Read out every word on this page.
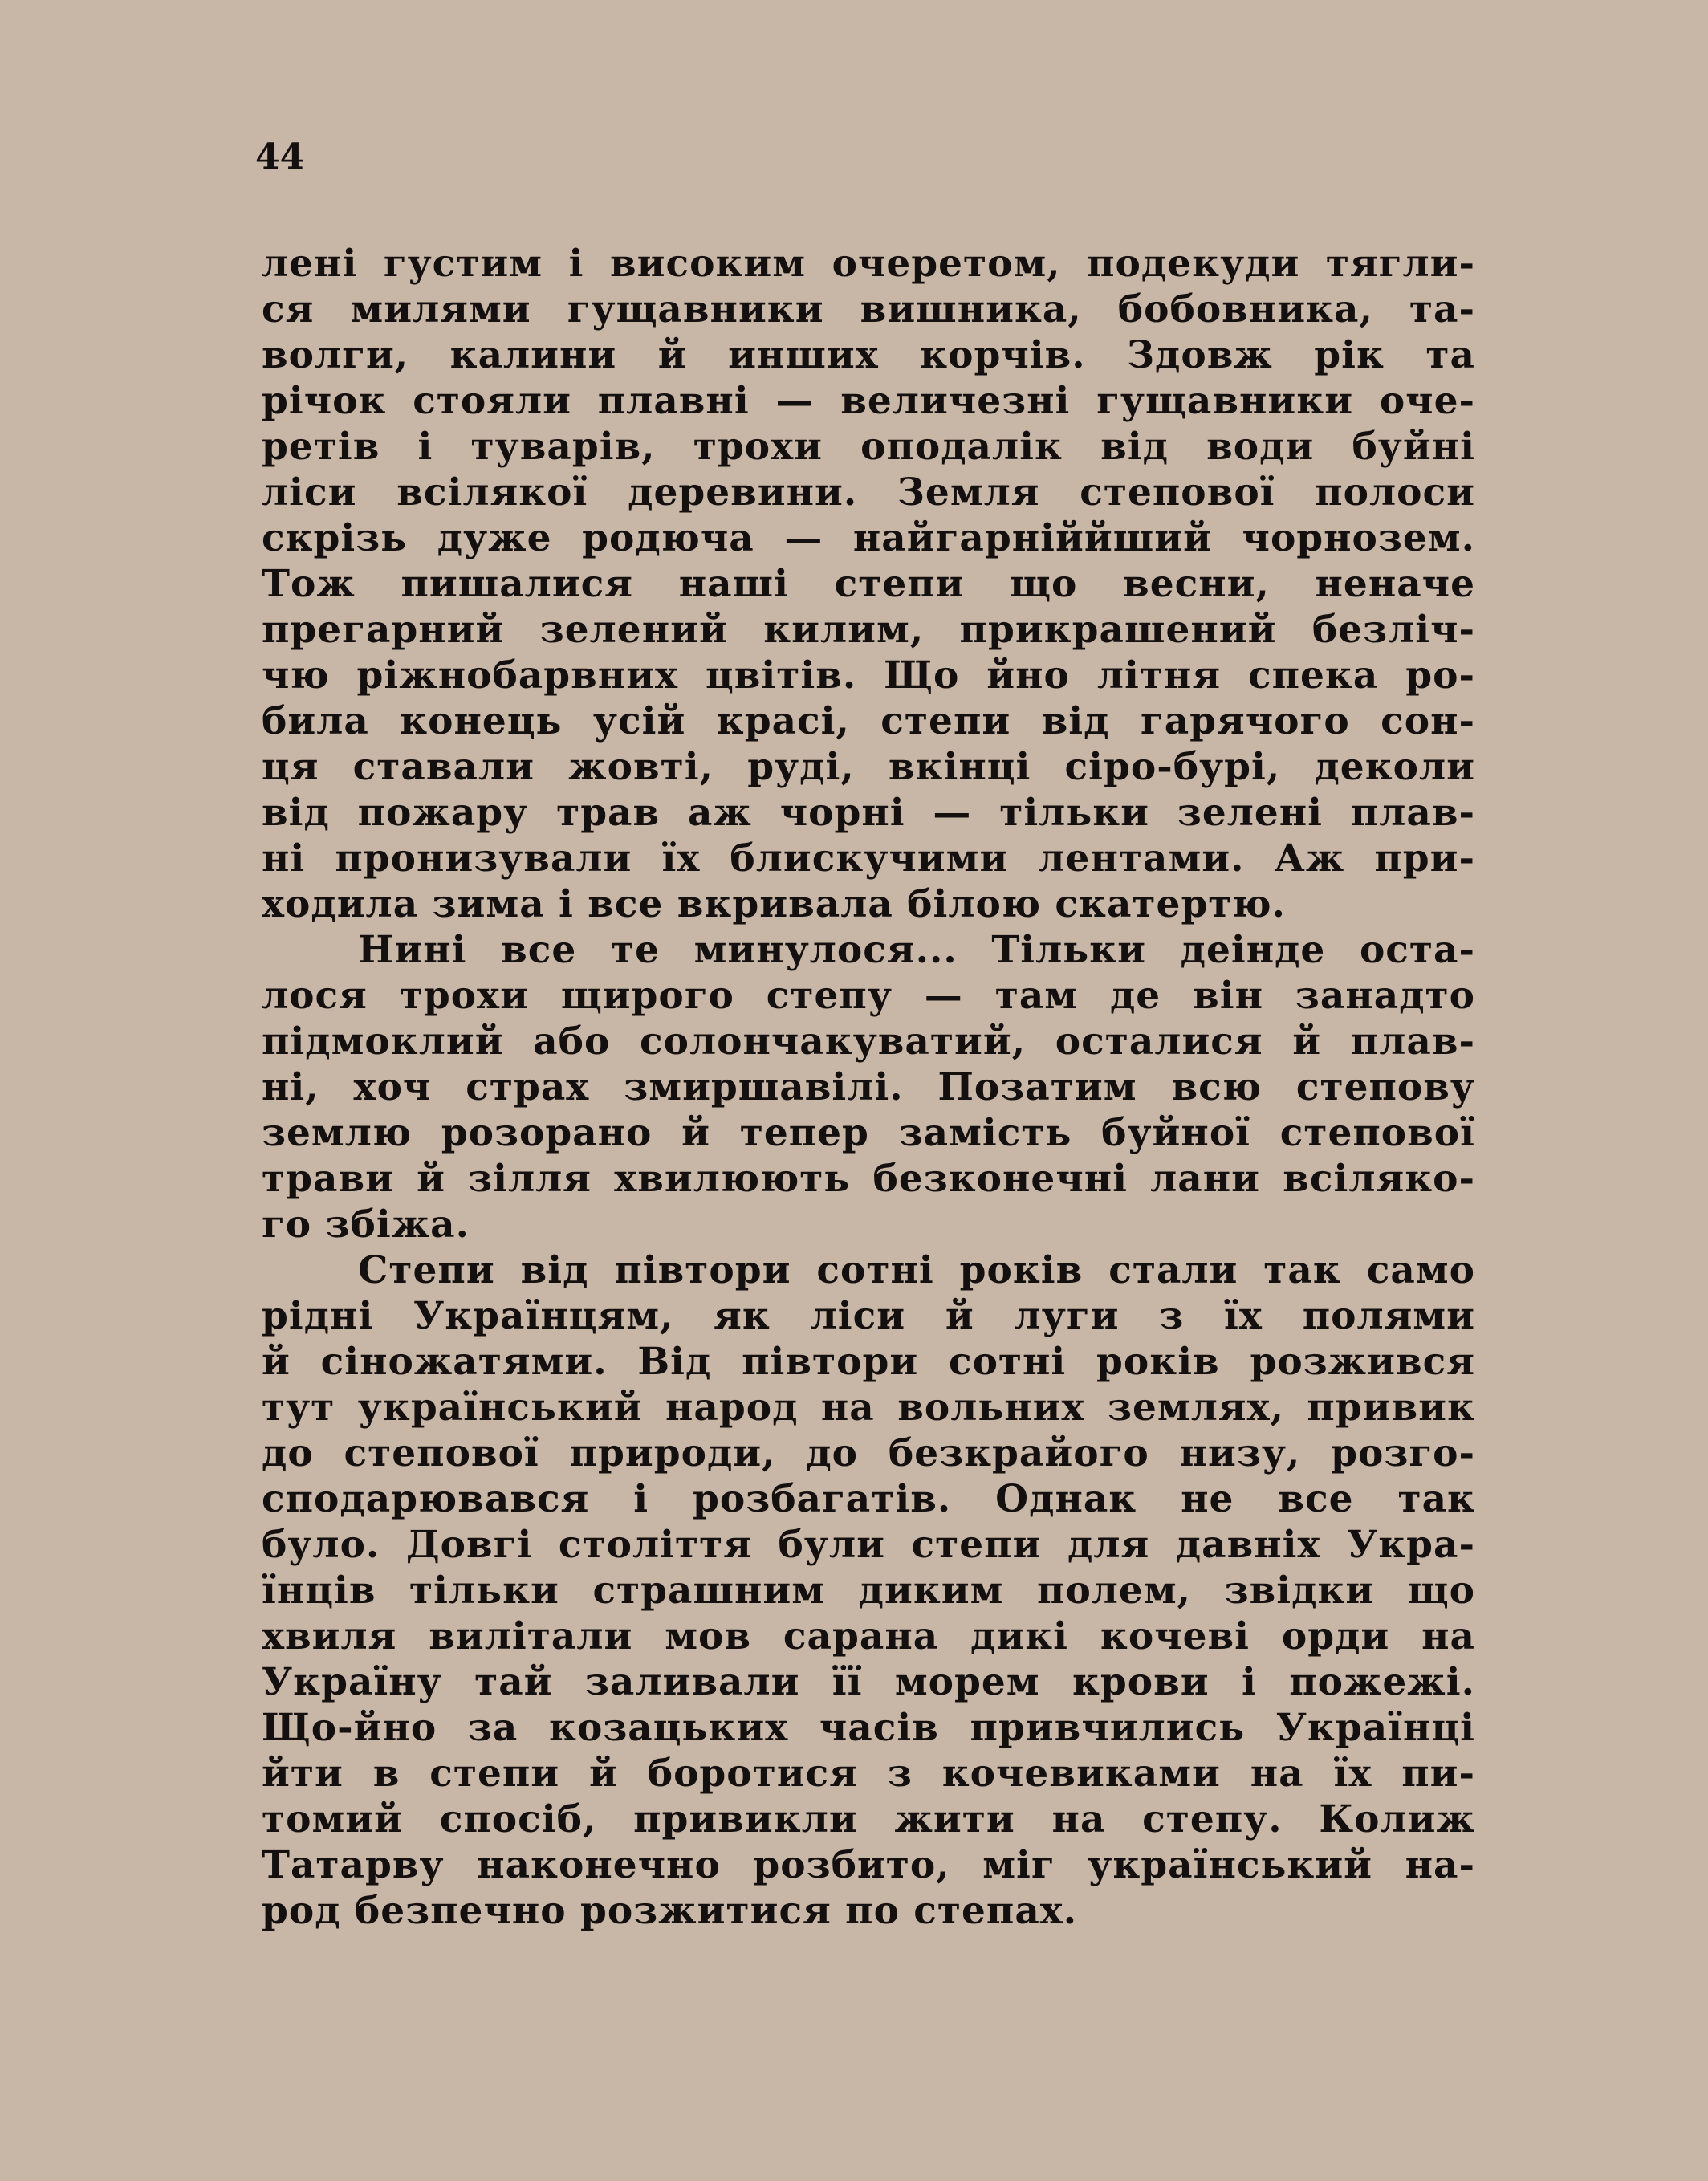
44
лені густим і високим очеретом, подекуди тягли-
ся милями гущавники вишника, бобовника, та-
волги, калини й инших корчів. Здовж рік та
річок стояли плавні — величезні гущавники оче-
ретів і туварів, трохи оподалік від води буйні
ліси всілякої деревини. Земля степової полоси
скрізь дуже родюча — найгарніййший чорнозем.
Тож пишалися наші степи що весни, неначе
прегарний зелений килим, прикрашений безліч-
чю ріжнобарвних цвітів. Що йно літня спека ро-
била конець усій красі, степи від гарячого сон-
ця ставали жовті, руді, вкінці сіро-бурі, деколи
від пожару трав аж чорні — тільки зелені плав-
ні пронизували їх блискучими лентами. Аж при-
ходила зима і все вкривала білою скатертю.
Нині все те минулося... Тільки деінде оста-
лося трохи щирого степу — там де він занадто
підмоклий або солончакуватий, осталися й плав-
ні, хоч страх змиршавілі. Позатим всю степову
землю розорано й тепер замість буйної степової
трави й зілля хвилюють безконечні лани всіляко-
го збіжа.
Степи від півтори сотні років стали так само
рідні Українцям, як ліси й луги з їх полями
й сіножатями. Від півтори сотні років розжився
тут український народ на вольних землях, привик
до степової природи, до безкрайого низу, розго-
сподарювався і розбагатів. Однак не все так
було. Довгі століття були степи для давніх Укра-
їнців тільки страшним диким полем, звідки що
хвиля вилітали мов сарана дикі кочеві орди на
Україну тай заливали її морем крови і пожежі.
Що-йно за козацьких часів привчились Українці
йти в степи й боротися з кочевиками на їх пи-
томий спосіб, привикли жити на степу. Колиж
Татарву наконечно розбито, міг український на-
род безпечно розжитися по степах.
